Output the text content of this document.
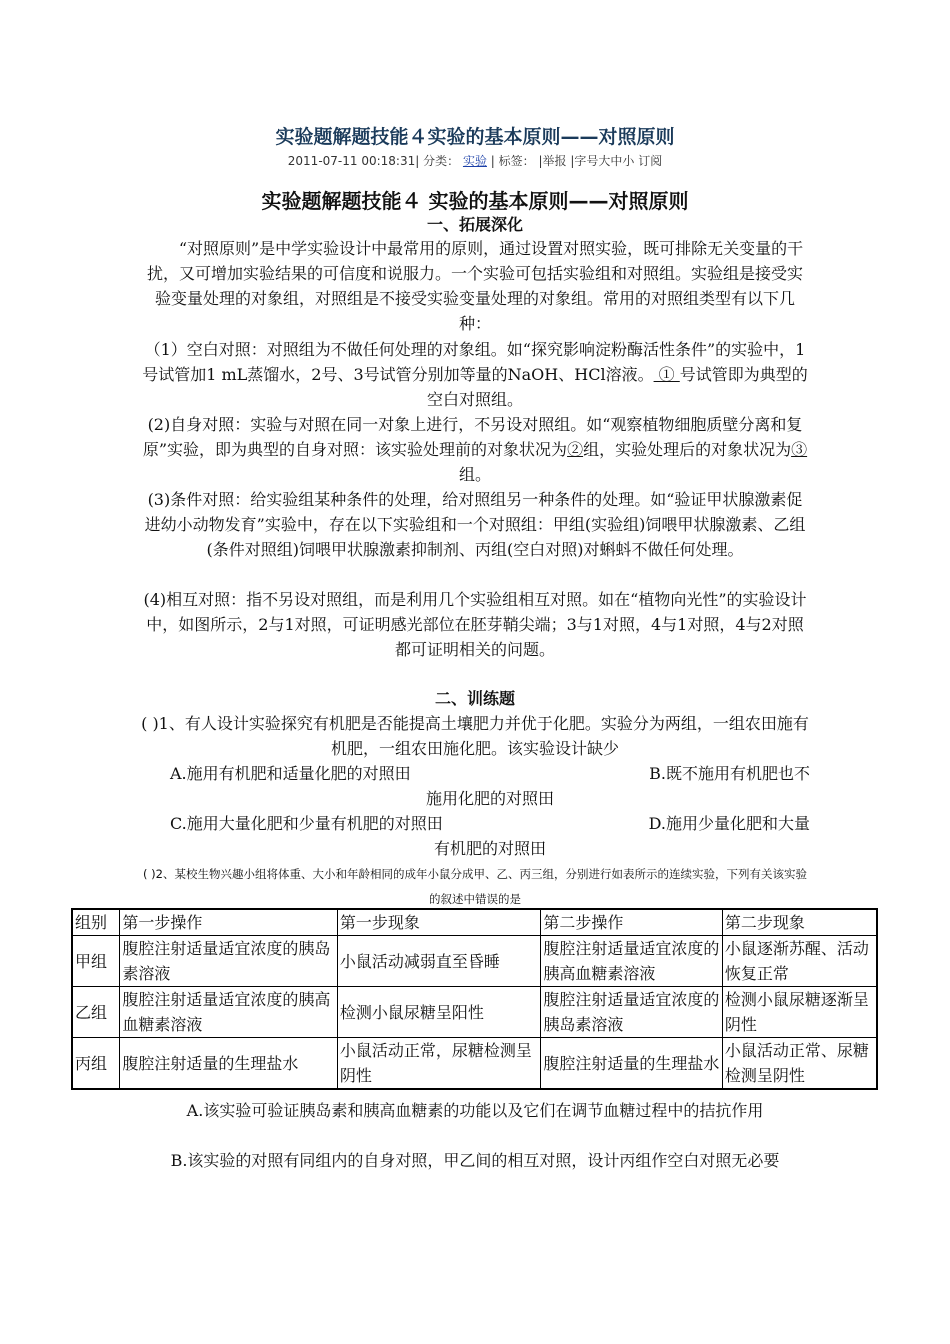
实验题解题技能４实验的基本原则——对照原则
2011-07-11 00:18:31| 分类： 实验 | 标签： |举报 |字号大中小 订阅
实验题解题技能４ 实验的基本原则——对照原则
一、拓展深化
“对照原则”是中学实验设计中最常用的原则，通过设置对照实验，既可排除无关变量的干扰，又可增加实验结果的可信度和说服力。一个实验可包括实验组和对照组。实验组是接受实验变量处理的对象组，对照组是不接受实验变量处理的对象组。常用的对照组类型有以下几种：
（1）空白对照：对照组为不做任何处理的对象组。如“探究影响淀粉酶活性条件”的实验中，1号试管加1 mL蒸馏水，2号、3号试管分别加等量的NaOH、HCl溶液。 ① 号试管即为典型的空白对照组。
(2)自身对照：实验与对照在同一对象上进行，不另设对照组。如“观察植物细胞质壁分离和复原”实验，即为典型的自身对照：该实验处理前的对象状况为②组，实验处理后的对象状况为③ 组。
(3)条件对照：给实验组某种条件的处理，给对照组另一种条件的处理。如“验证甲状腺激素促进幼小动物发育”实验中，存在以下实验组和一个对照组：甲组(实验组)饲喂甲状腺激素、乙组(条件对照组)饲喂甲状腺激素抑制剂、丙组(空白对照)对蝌蚪不做任何处理。
(4)相互对照：指不另设对照组，而是利用几个实验组相互对照。如在“植物向光性”的实验设计中，如图所示，2与1对照，可证明感光部位在胚芽鞘尖端；3与1对照，4与1对照，4与2对照都可证明相关的问题。
二、训练题
( )1、有人设计实验探究有机肥是否能提高土壤肥力并优于化肥。实验分为两组，一组农田施有机肥，一组农田施化肥。该实验设计缺少
A.施用有机肥和适量化肥的对照田	B.既不施用有机肥也不
施用化肥的对照田
C.施用大量化肥和少量有机肥的对照田	D.施用少量化肥和大量
有机肥的对照田
( )2、某校生物兴趣小组将体重、大小和年龄相同的成年小鼠分成甲、乙、丙三组，分别进行如表所示的连续实验，下列有关该实验的叙述中错误的是
组别	第一步操作	第一步现象	第二步操作	第二步现象
甲组	腹腔注射适量适宜浓度的胰岛素溶液	小鼠活动减弱直至昏睡	腹腔注射适量适宜浓度的胰高血糖素溶液	小鼠逐渐苏醒、活动恢复正常
乙组	腹腔注射适量适宜浓度的胰高血糖素溶液	检测小鼠尿糖呈阳性	腹腔注射适量适宜浓度的胰岛素溶液	检测小鼠尿糖逐渐呈阴性
丙组	腹腔注射适量的生理盐水	小鼠活动正常，尿糖检测呈阴性	腹腔注射适量的生理盐水	小鼠活动正常、尿糖检测呈阴性
A.该实验可验证胰岛素和胰高血糖素的功能以及它们在调节血糖过程中的拮抗作用
B.该实验的对照有同组内的自身对照，甲乙间的相互对照，设计丙组作空白对照无必要
